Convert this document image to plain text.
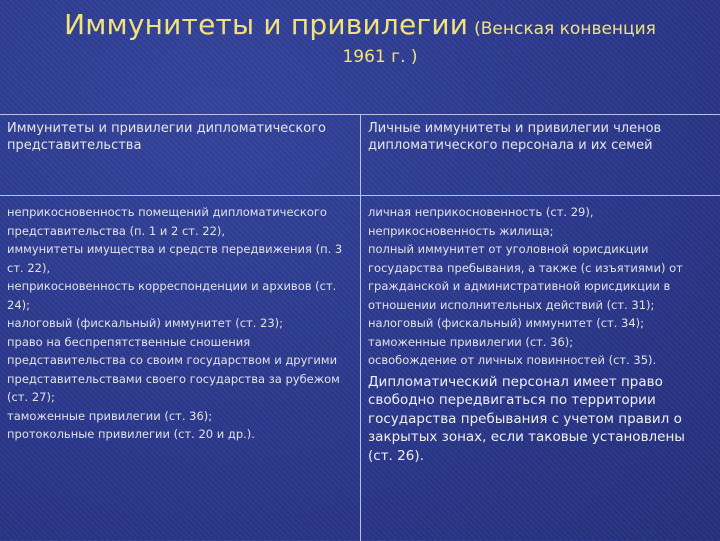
Иммунитеты и привилегии (Венская конвенция
1961 г. )
Иммунитеты и привилегии дипломатического представительства
Личные иммунитеты и привилегии членов дипломатического персонала и их семей
неприкосновенность помещений дипломатического представительства (п. 1 и 2 ст. 22),
иммунитеты имущества и средств передвижения (п. 3 ст. 22),
неприкосновенность корреспонденции и архивов (ст. 24);
налоговый (фискальный) иммунитет (ст. 23);
право на беспрепятственные сношения представительства со своим государством и другими представительствами своего государства за рубежом (ст. 27);
таможенные привилегии (ст. 36);
протокольные привилегии (ст. 20 и др.).
личная неприкосновенность (ст. 29),
неприкосновенность жилища;
полный иммунитет от уголовной юрисдикции государства пребывания, а также (с изъятиями) от гражданской и административной юрисдикции в отношении исполнительных действий (ст. 31);
налоговый (фискальный) иммунитет (ст. 34);
таможенные привилегии (ст. 36);
освобождение от личных повинностей (ст. 35).
Дипломатический персонал имеет право свободно передвигаться по территории государства пребывания с учетом правил о закрытых зонах, если таковые установлены (ст. 26).
